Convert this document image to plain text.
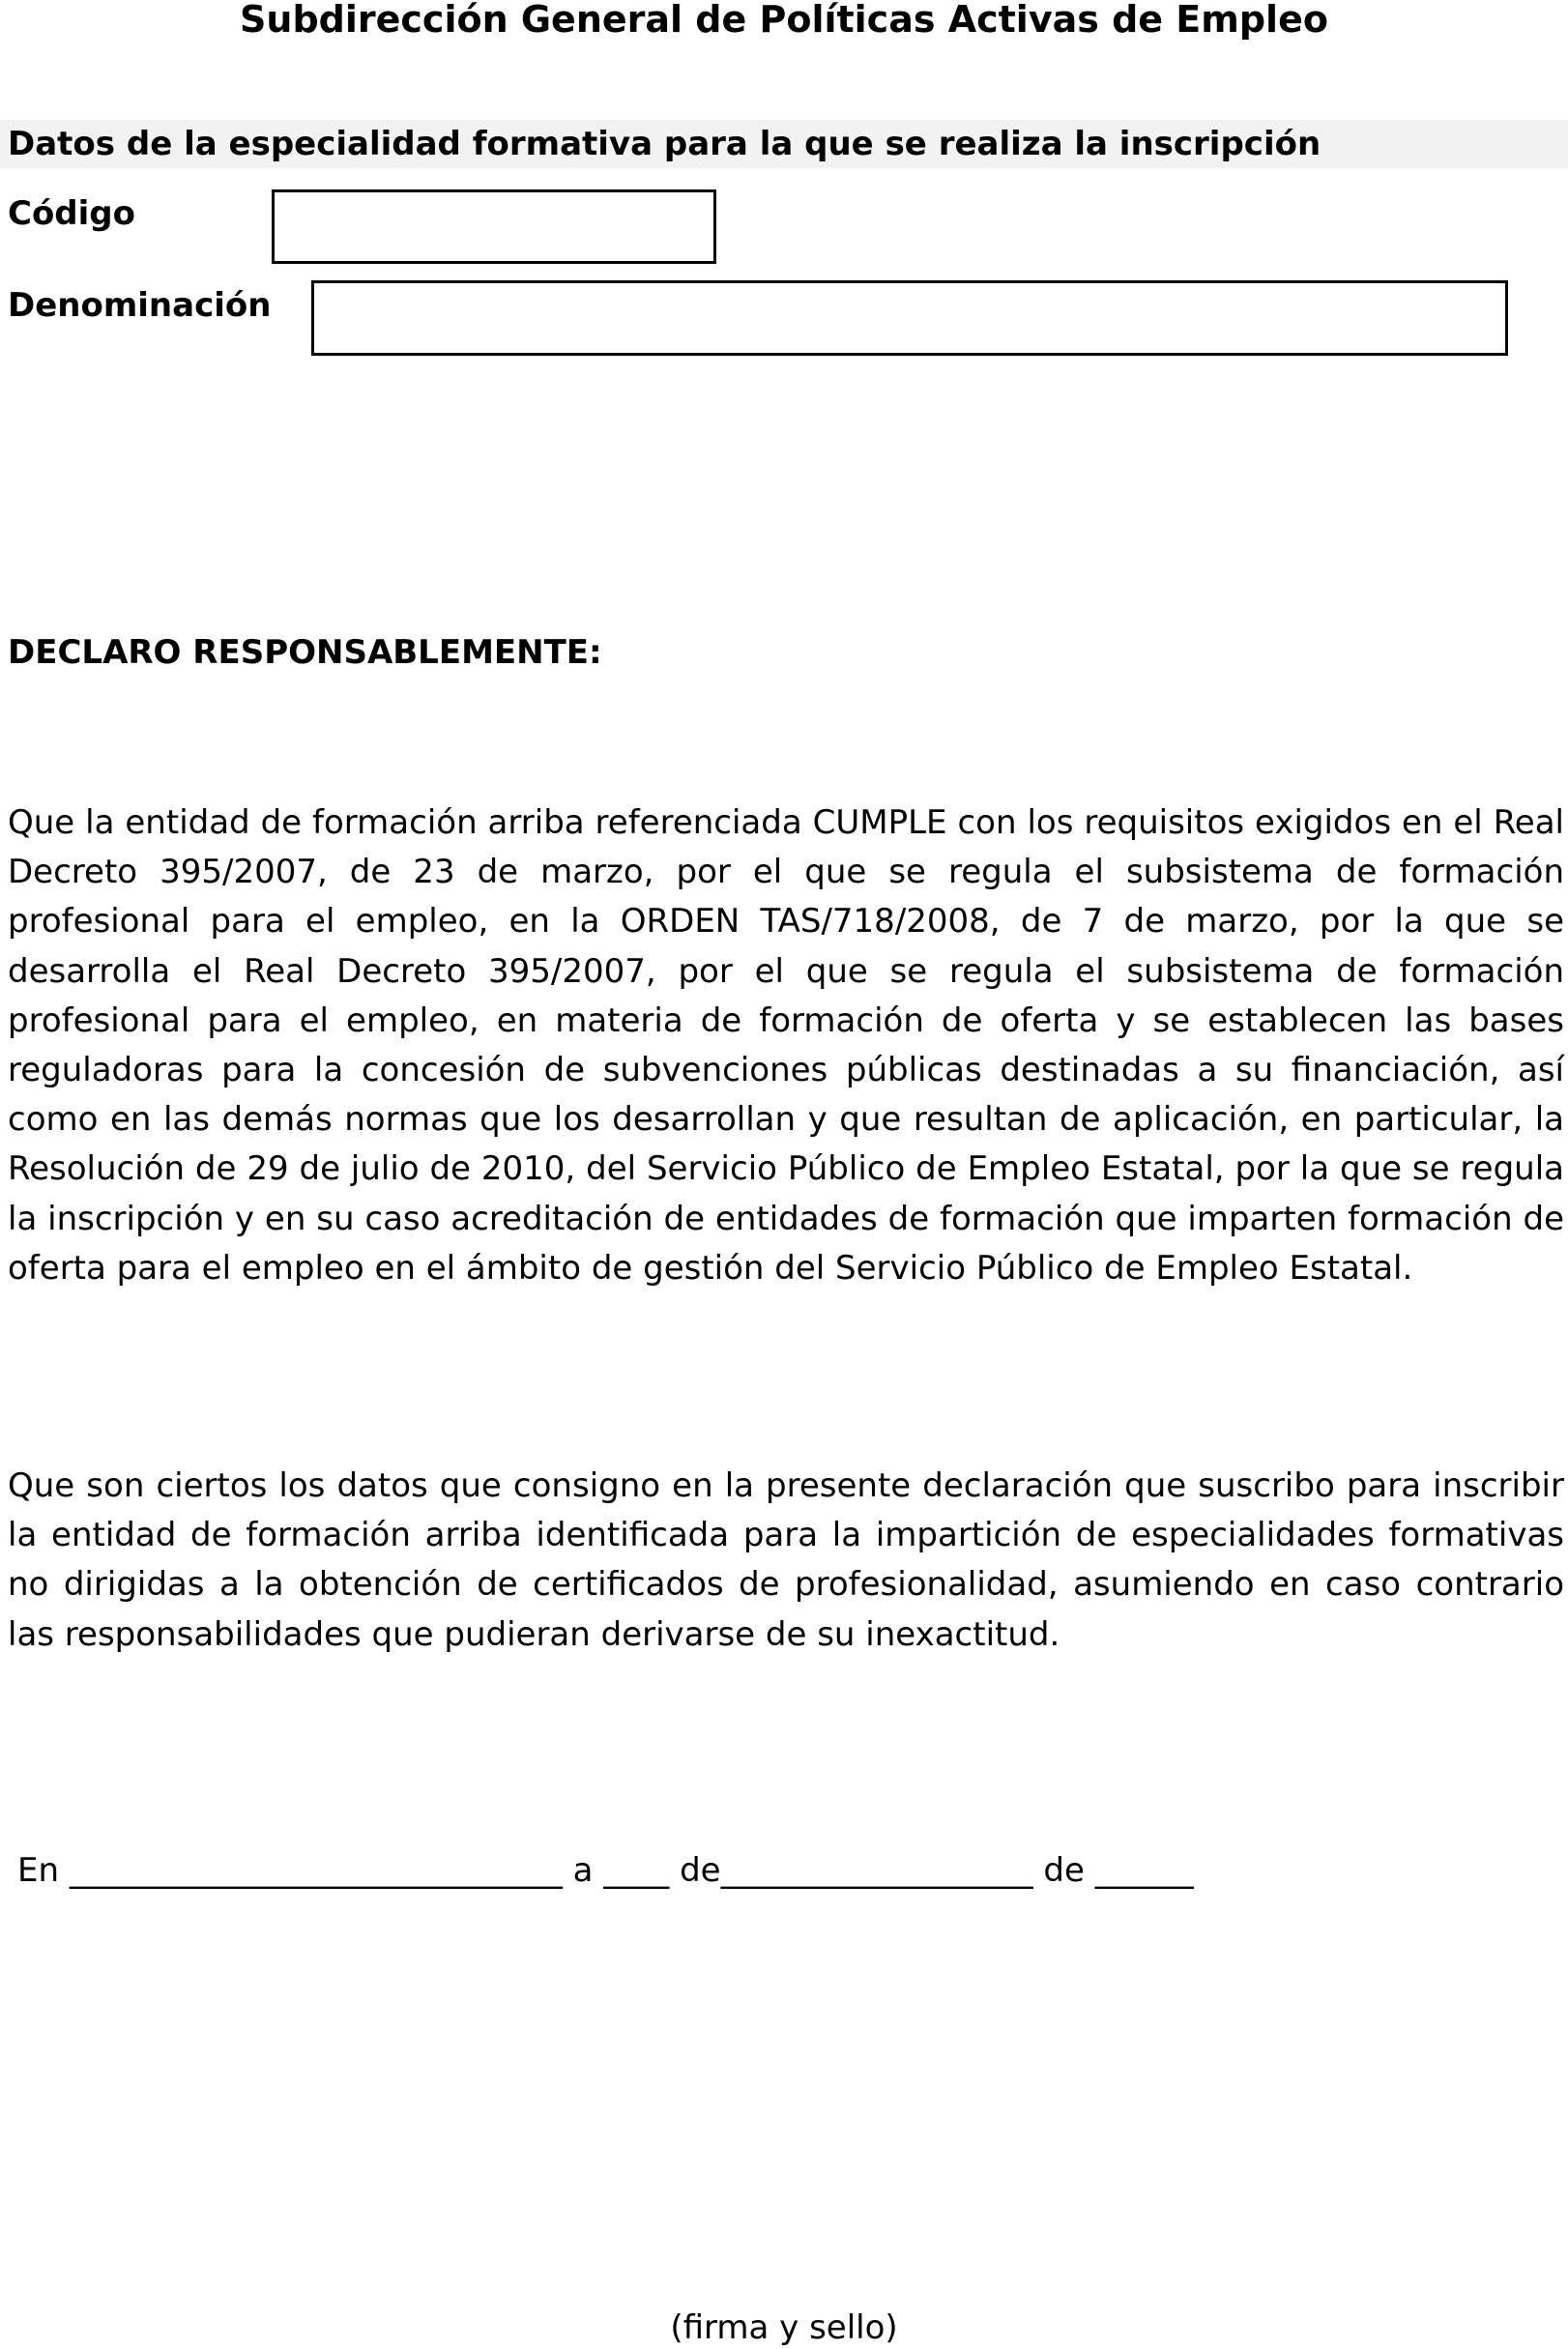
Subdirección General de Políticas Activas de Empleo
Datos de la especialidad formativa para la que se realiza la inscripción
Código
Denominación
DECLARO RESPONSABLEMENTE:
Que la entidad de formación arriba referenciada CUMPLE con los requisitos exigidos en el Real Decreto 395/2007, de 23 de marzo, por el que se regula el subsistema de formación profesional para el empleo, en la ORDEN TAS/718/2008, de 7 de marzo, por la que se desarrolla el Real Decreto 395/2007, por el que se regula el subsistema de formación profesional para el empleo, en materia de formación de oferta y se establecen las bases reguladoras para la concesión de subvenciones públicas destinadas a su financiación, así como en las demás normas que los desarrollan y que resultan de aplicación, en particular, la Resolución de 29 de julio de 2010, del Servicio Público de Empleo Estatal, por la que se regula la inscripción y en su caso acreditación de entidades de formación que imparten formación de oferta para el empleo en el ámbito de gestión del Servicio Público de Empleo Estatal.
Que son ciertos los datos que consigno en la presente declaración que suscribo para inscribir la entidad de formación arriba identificada para la impartición de especialidades formativas no dirigidas a la obtención de certificados de profesionalidad, asumiendo en caso contrario las responsabilidades que pudieran derivarse de su inexactitud.
En ______________________________ a ____ de___________________ de ______
(firma y sello)
